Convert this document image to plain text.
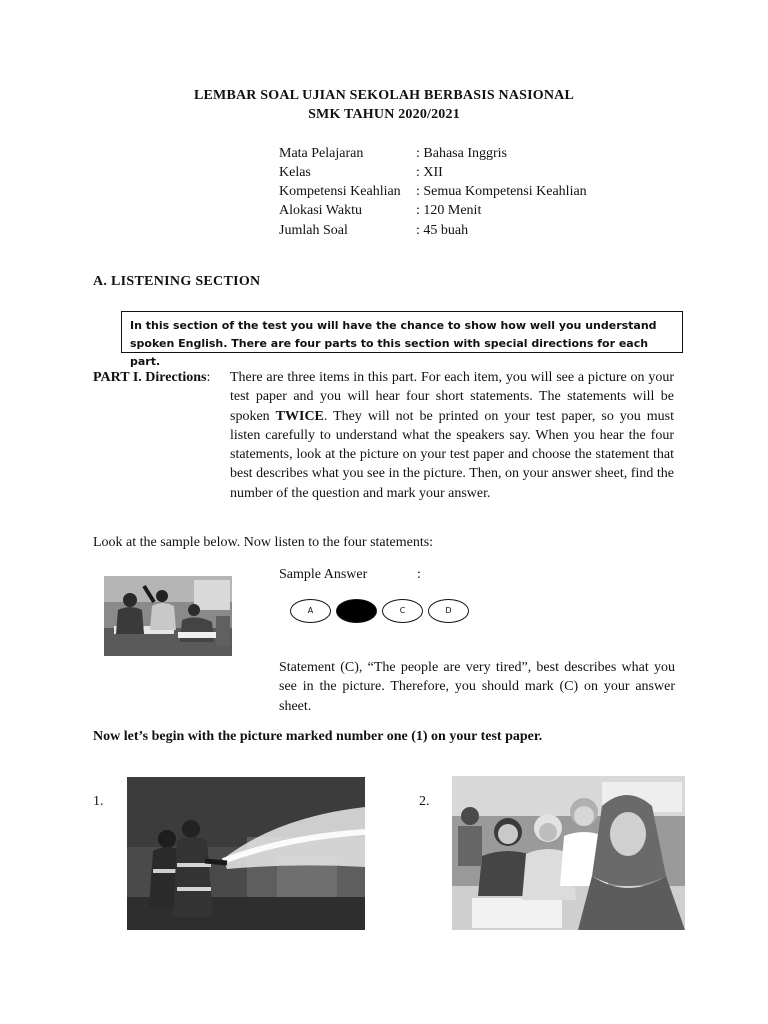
LEMBAR SOAL UJIAN SEKOLAH BERBASIS NASIONAL
SMK TAHUN 2020/2021
Mata Pelajaran	: Bahasa Inggris
Kelas	: XII
Kompetensi Keahlian	: Semua Kompetensi Keahlian
Alokasi Waktu	: 120 Menit
Jumlah Soal	: 45 buah
A. LISTENING SECTION
In this section of the test you will have the chance to show how well you understand spoken English. There are four parts to this section with special directions for each part.
PART I. Directions: There are three items in this part. For each item, you will see a picture on your test paper and you will hear four short statements. The statements will be spoken TWICE. They will not be printed on your test paper, so you must listen carefully to understand what the speakers say. When you hear the four statements, look at the picture on your test paper and choose the statement that best describes what you see in the picture. Then, on your answer sheet, find the number of the question and mark your answer.
Look at the sample below. Now listen to the four statements:
Sample Answer	:
A	B	C	D
Statement (C), “The people are very tired”, best describes what you see in the picture. Therefore, you should mark (C) on your answer sheet.
Now let’s begin with the picture marked number one (1) on your test paper.
1.	2.
